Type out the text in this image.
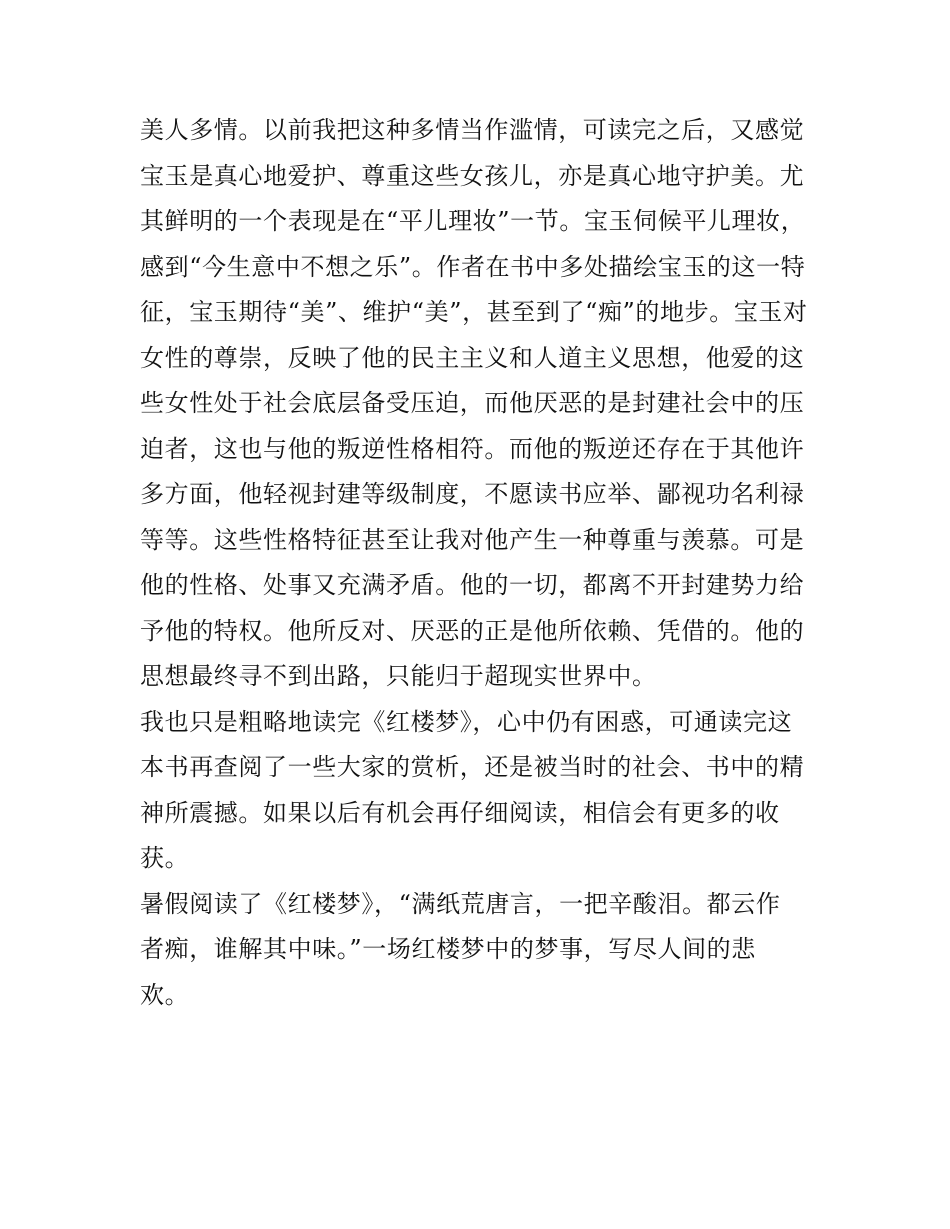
美人多情。以前我把这种多情当作滥情，可读完之后，又感觉
宝玉是真心地爱护、尊重这些女孩儿，亦是真心地守护美。尤
其鲜明的一个表现是在“平儿理妆”一节。宝玉伺候平儿理妆，
感到“今生意中不想之乐”。作者在书中多处描绘宝玉的这一特
征，宝玉期待“美”、维护“美”，甚至到了“痴”的地步。宝玉对
女性的尊崇，反映了他的民主主义和人道主义思想，他爱的这
些女性处于社会底层备受压迫，而他厌恶的是封建社会中的压
迫者，这也与他的叛逆性格相符。而他的叛逆还存在于其他许
多方面，他轻视封建等级制度，不愿读书应举、鄙视功名利禄
等等。这些性格特征甚至让我对他产生一种尊重与羡慕。可是
他的性格、处事又充满矛盾。他的一切，都离不开封建势力给
予他的特权。他所反对、厌恶的正是他所依赖、凭借的。他的
思想最终寻不到出路，只能归于超现实世界中。
我也只是粗略地读完《红楼梦》，心中仍有困惑，可通读完这
本书再查阅了一些大家的赏析，还是被当时的社会、书中的精
神所震撼。如果以后有机会再仔细阅读，相信会有更多的收
获。
暑假阅读了《红楼梦》，“满纸荒唐言，一把辛酸泪。都云作
者痴，谁解其中味。”一场红楼梦中的梦事，写尽人间的悲
欢。
